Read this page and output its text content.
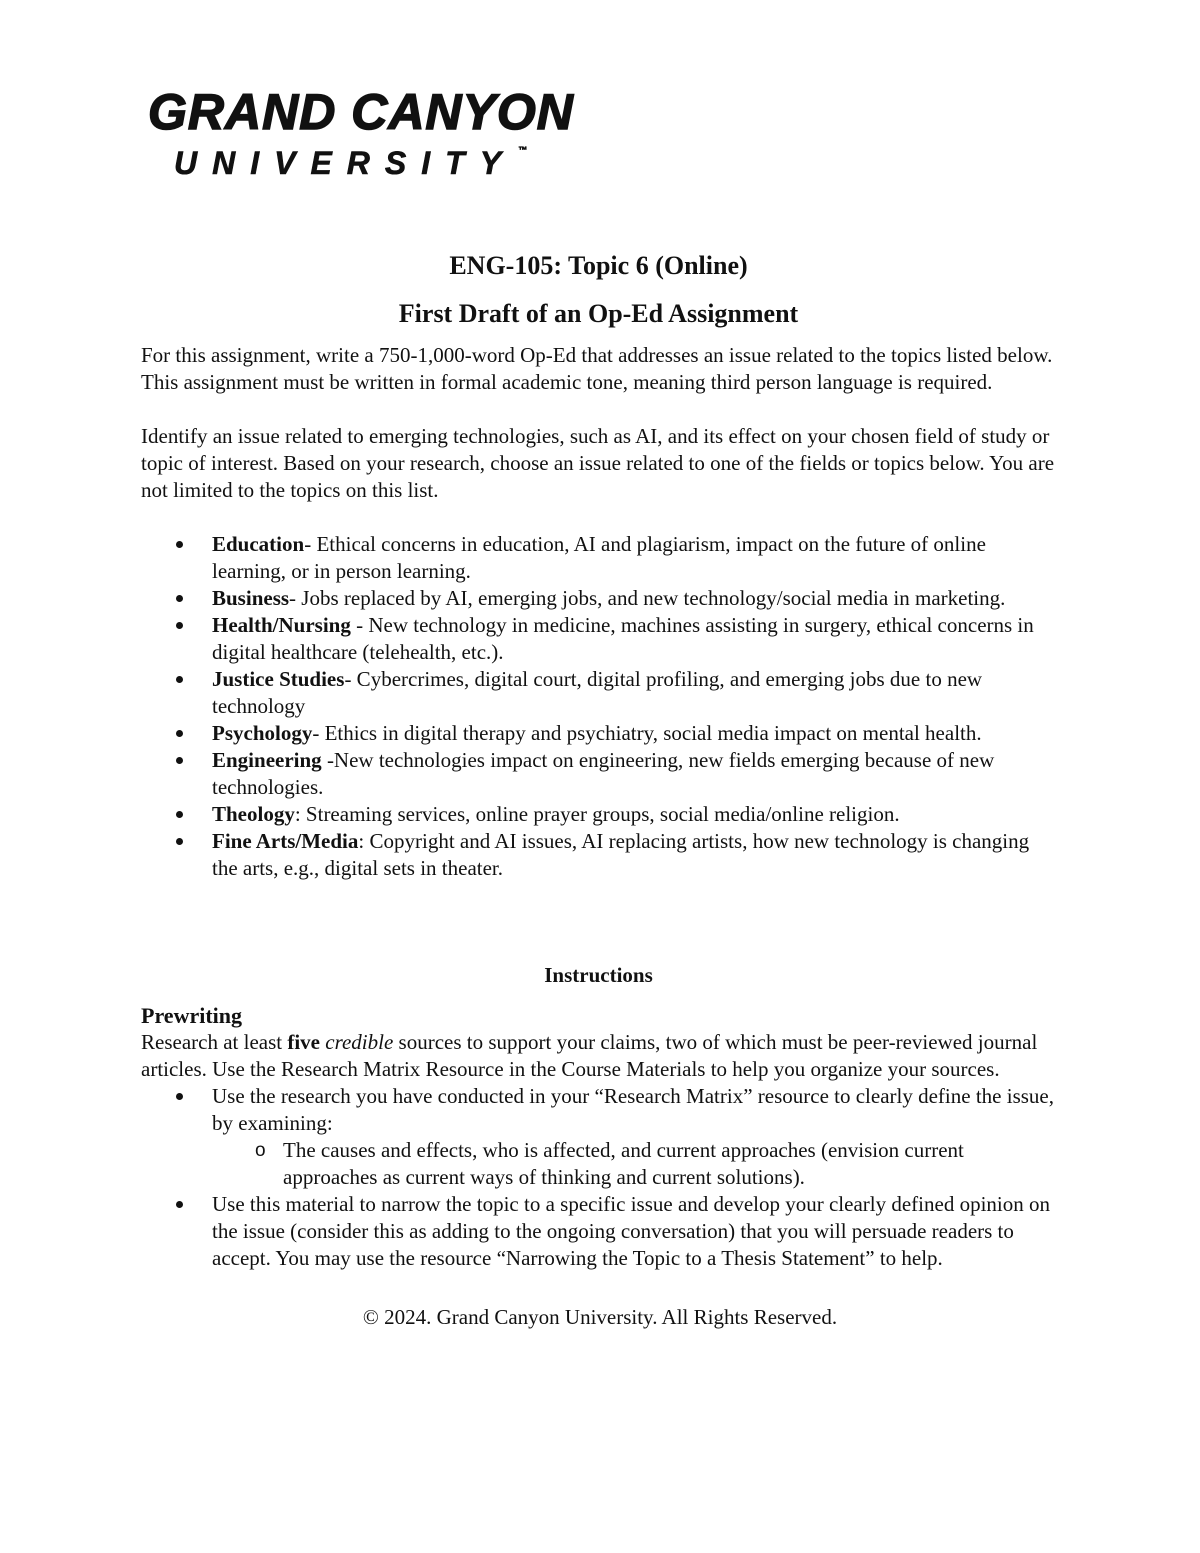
GRAND CANYON
UNIVERSITY ™
ENG-105: Topic 6 (Online)
First Draft of an Op-Ed Assignment

For this assignment, write a 750-1,000-word Op-Ed that addresses an issue related to the topics listed below. This assignment must be written in formal academic tone, meaning third person language is required.

Identify an issue related to emerging technologies, such as AI, and its effect on your chosen field of study or topic of interest. Based on your research, choose an issue related to one of the fields or topics below. You are not limited to the topics on this list.

Education- Ethical concerns in education, AI and plagiarism, impact on the future of online learning, or in person learning.
Business- Jobs replaced by AI, emerging jobs, and new technology/social media in marketing.
Health/Nursing - New technology in medicine, machines assisting in surgery, ethical concerns in digital healthcare (telehealth, etc.).
Justice Studies- Cybercrimes, digital court, digital profiling, and emerging jobs due to new technology
Psychology- Ethics in digital therapy and psychiatry, social media impact on mental health.
Engineering -New technologies impact on engineering, new fields emerging because of new technologies.
Theology: Streaming services, online prayer groups, social media/online religion.
Fine Arts/Media: Copyright and AI issues, AI replacing artists, how new technology is changing the arts, e.g., digital sets in theater.
Instructions
Prewriting
Research at least five credible sources to support your claims, two of which must be peer-reviewed journal articles. Use the Research Matrix Resource in the Course Materials to help you organize your sources.
Use the research you have conducted in your “Research Matrix” resource to clearly define the issue, by examining:
o The causes and effects, who is affected, and current approaches (envision current approaches as current ways of thinking and current solutions).
Use this material to narrow the topic to a specific issue and develop your clearly defined opinion on the issue (consider this as adding to the ongoing conversation) that you will persuade readers to accept. You may use the resource “Narrowing the Topic to a Thesis Statement” to help.
© 2024. Grand Canyon University. All Rights Reserved.
